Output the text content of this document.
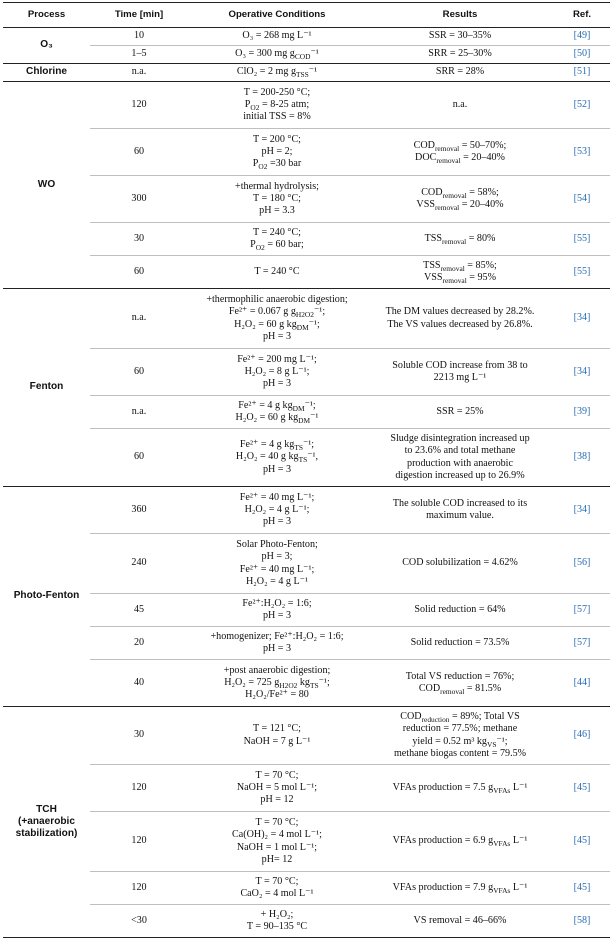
Process	Time [min]	Operative Conditions	Results	Ref.

O₃	10	O₃ = 268 mg L⁻¹	SSR = 30–35%	[49]
	1–5	O₃ = 300 mg $g_{COD}^{-1}$	SRR = 25–30%	[50]

Chlorine	n.a.	ClO₂ = 2 mg $g_{TSS}^{-1}$	SRR = 28%	[51]

WO	120	T = 200-250 °C;
$P_{O2} = 8-25$ atm;
initial TSS = 8%	n.a.	[52]
	60	T = 200 °C;
pH = 2;
$P_{O2} =30$ bar	$COD_{removal} = 50-70\%$;
$DOC_{removal} = 20-40\%$	[53]
	300	+thermal hydrolysis;
T = 180 °C;
pH = 3.3	$COD_{removal} = 58\%$;
$VSS_{removal} = 20-40\%$	[54]
	30	T = 240 °C;
$P_{O2} = 60$ bar;	$TSS_{removal} = 80\%$	[55]
	60	T = 240 °C	$TSS_{removal} = 85\%$;
$VSS_{removal} = 95\%$	[55]

Fenton	n.a.	+thermophilic anaerobic digestion;
Fe²⁺ = 0.067 g $g_{H2O2}^{-1}$;
H₂O₂ = 60 g $kg_{DM}^{-1}$;
pH = 3	The DM values decreased by 28.2%.
The VS values decreased by 26.8%.	[34]
	60	Fe²⁺ = 200 mg L⁻¹;
H₂O₂ = 8 g L⁻¹;
pH = 3	Soluble COD increase from 38 to
2213 mg L⁻¹	[34]
	n.a.	Fe²⁺ = 4 g $kg_{DM}^{-1}$;
H₂O₂ = 60 g $kg_{DM}^{-1}$	SSR = 25%	[39]
	60	Fe²⁺ = 4 g $kg_{TS}^{-1}$;
H₂O₂ = 40 g $kg_{TS}^{-1}$,
pH = 3	Sludge disintegration increased up
to 23.6% and total methane
production with anaerobic
digestion increased up to 26.9%	[38]

Photo-Fenton	360	Fe²⁺ = 40 mg L⁻¹;
H₂O₂ = 4 g L⁻¹;
pH = 3	The soluble COD increased to its
maximum value.	[34]
	240	Solar Photo-Fenton;
pH = 3;
Fe²⁺ = 40 mg L⁻¹;
H₂O₂ = 4 g L⁻¹	COD solubilization = 4.62%	[56]
	45	Fe²⁺:H₂O₂ = 1:6;
pH = 3	Solid reduction = 64%	[57]
	20	+homogenizer; Fe²⁺:H₂O₂ = 1:6;
pH = 3	Solid reduction = 73.5%	[57]
	40	+post anaerobic digestion;
H₂O₂ = 725 $g_{H2O2}$ $kg_{TS}^{-1}$;
H₂O₂/Fe²⁺ = 80	Total VS reduction = 76%;
$COD_{removal} = 81.5\%$	[44]

TCH
(+anaerobic
stabilization)	30	T = 121 °C;
NaOH = 7 g L⁻¹	$COD_{reduction} = 89\%$; Total VS
reduction = 77.5%; methane
yield = 0.52 m³ $kg_{VS}^{-1}$;
methane biogas content = 79.5%	[46]
	120	T = 70 °C;
NaOH = 5 mol L⁻¹;
pH = 12	VFAs production = 7.5 $g_{VFAs}$ L⁻¹	[45]
	120	T = 70 °C;
Ca(OH)₂ = 4 mol L⁻¹;
NaOH = 1 mol L⁻¹;
pH= 12	VFAs production = 6.9 $g_{VFAs}$ L⁻¹	[45]
	120	T = 70 °C;
CaO₂ = 4 mol L⁻¹	VFAs production = 7.9 $g_{VFAs}$ L⁻¹	[45]
	<30	+ H₂O₂;
T = 90–135 °C	VS removal = 46–66%	[58]
